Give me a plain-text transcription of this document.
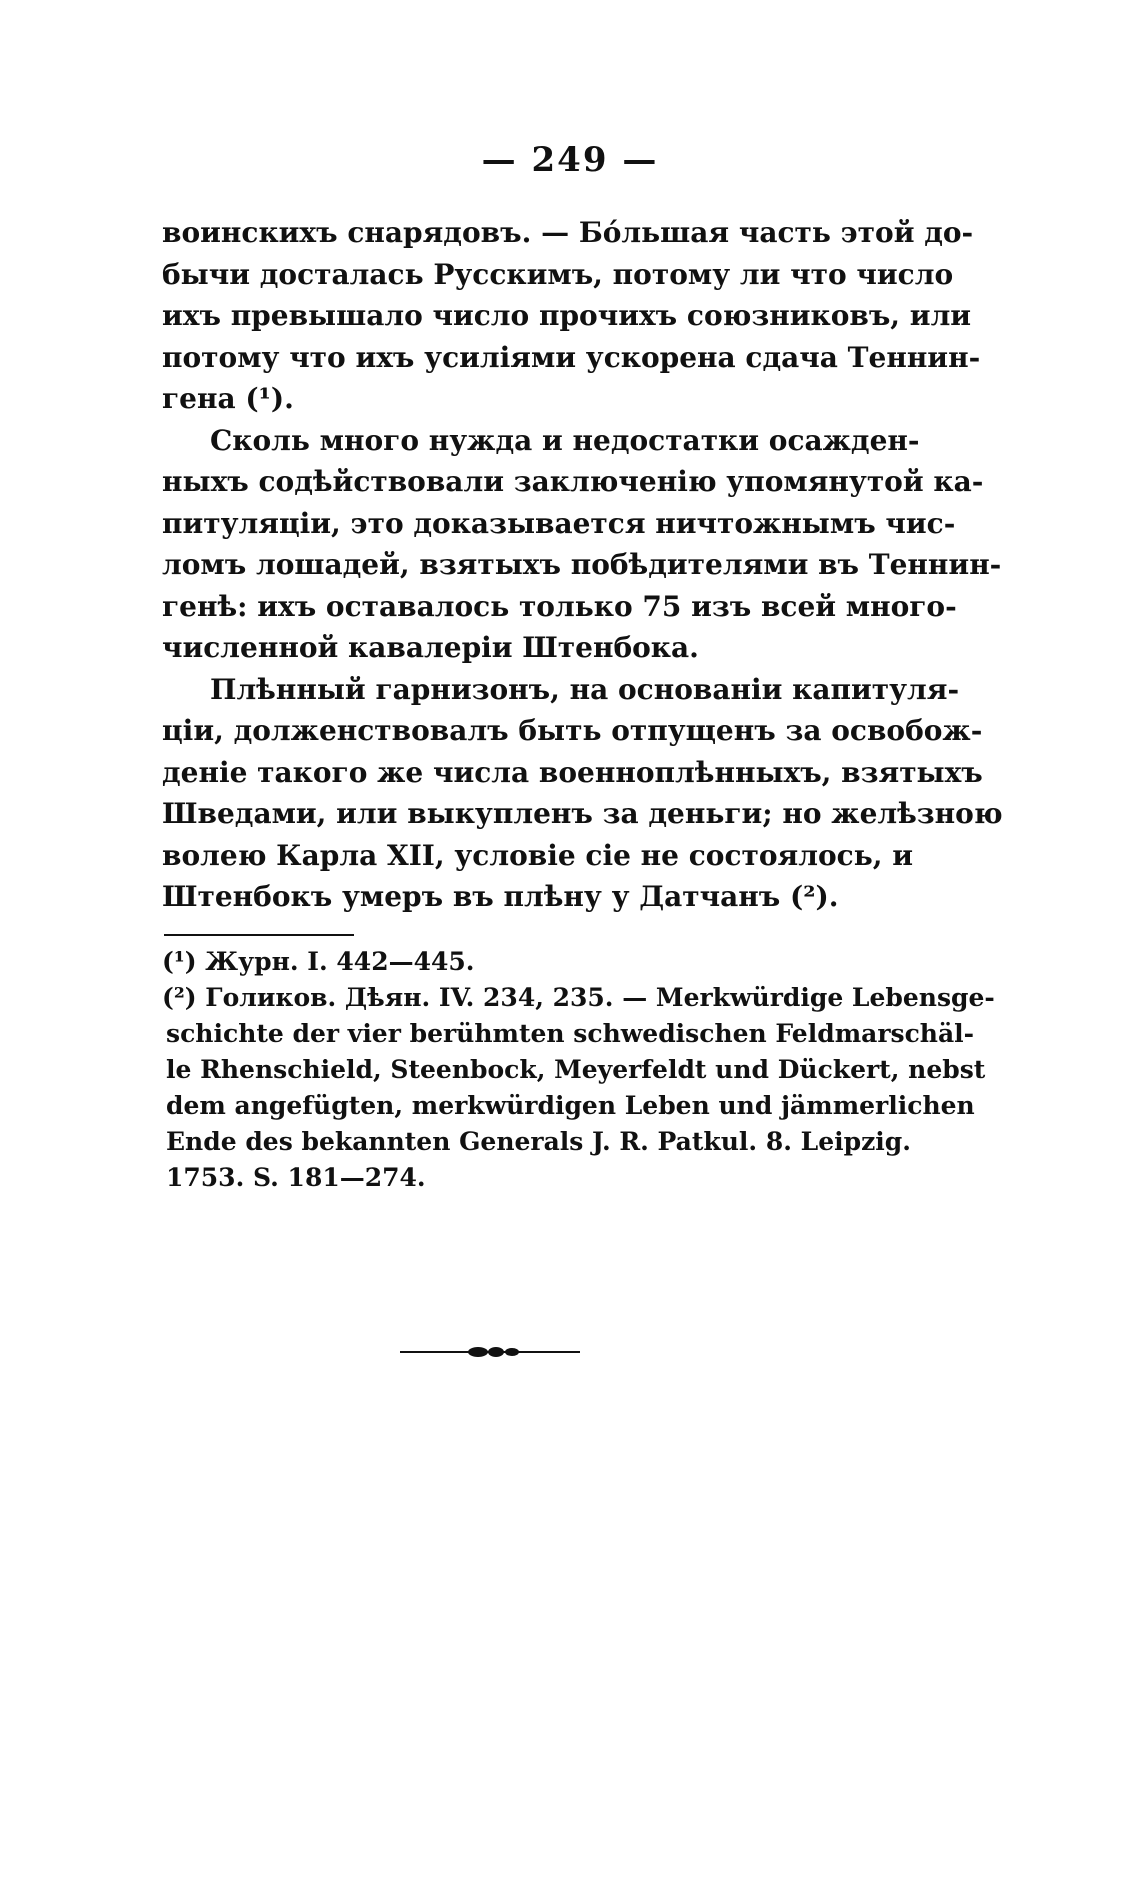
— 249 —
воинскихъ снарядовъ. — Бóльшая часть этой до-
бычи досталась Русскимъ, потому ли что число
ихъ превышало число прочихъ союзниковъ, или
потому что ихъ усиліями ускорена сдача Теннин-
гена (¹).
Сколь много нужда и недостатки осажден-
ныхъ содѣйствовали заключенію упомянутой ка-
питуляціи, это доказывается ничтожнымъ чис-
ломъ лошадей, взятыхъ побѣдителями въ Теннин-
генѣ: ихъ оставалось только 75 изъ всей много-
численной кавалеріи Штенбока.
Плѣнный гарнизонъ, на основаніи капитуля-
ціи, долженствовалъ быть отпущенъ за освобож-
деніе такого же числа военноплѣнныхъ, взятыхъ
Шведами, или выкупленъ за деньги; но желѣзною
волею Карла XII, условіе сіе не состоялось, и
Штенбокъ умеръ въ плѣну у Датчанъ (²).
(¹) Журн. I. 442—445.
(²) Голиков. Дѣян. IV. 234, 235. — Merkwürdige Lebensge-
schichte der vier berühmten schwedischen Feldmarschäl-
le Rhenschield, Steenbock, Meyerfeldt und Dückert, nebst
dem angefügten, merkwürdigen Leben und jämmerlichen
Ende des bekannten Generals J. R. Patkul. 8. Leipzig.
1753. S. 181—274.
